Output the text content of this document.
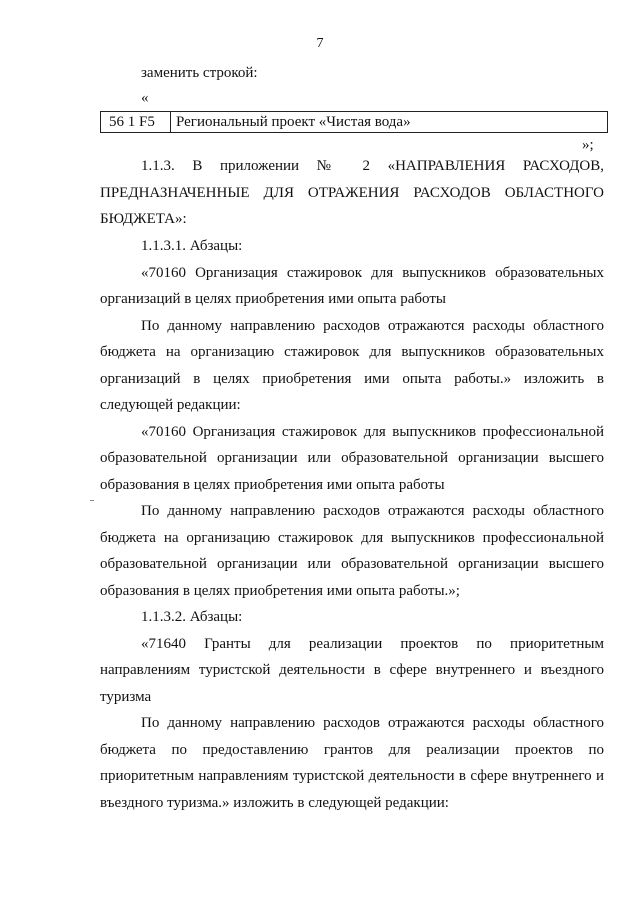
7
заменить строкой:
«
56 1 F5	Региональный проект «Чистая вода»
»;
1.1.3. В приложении № 2 «НАПРАВЛЕНИЯ РАСХОДОВ,
ПРЕДНАЗНАЧЕННЫЕ ДЛЯ ОТРАЖЕНИЯ РАСХОДОВ ОБЛАСТНОГО
БЮДЖЕТА»:
1.1.3.1. Абзацы:
«70160 Организация стажировок для выпускников образовательных
организаций в целях приобретения ими опыта работы
По данному направлению расходов отражаются расходы областного
бюджета на организацию стажировок для выпускников образовательных
организаций в целях приобретения ими опыта работы.» изложить в
следующей редакции:
«70160 Организация стажировок для выпускников профессиональной
образовательной организации или образовательной организации высшего
образования в целях приобретения ими опыта работы
По данному направлению расходов отражаются расходы областного
бюджета на организацию стажировок для выпускников профессиональной
образовательной организации или образовательной организации высшего
образования в целях приобретения ими опыта работы.»;
1.1.3.2. Абзацы:
«71640 Гранты для реализации проектов по приоритетным
направлениям туристской деятельности в сфере внутреннего и въездного
туризма
По данному направлению расходов отражаются расходы областного
бюджета по предоставлению грантов для реализации проектов по
приоритетным направлениям туристской деятельности в сфере внутреннего и
въездного туризма.» изложить в следующей редакции:
